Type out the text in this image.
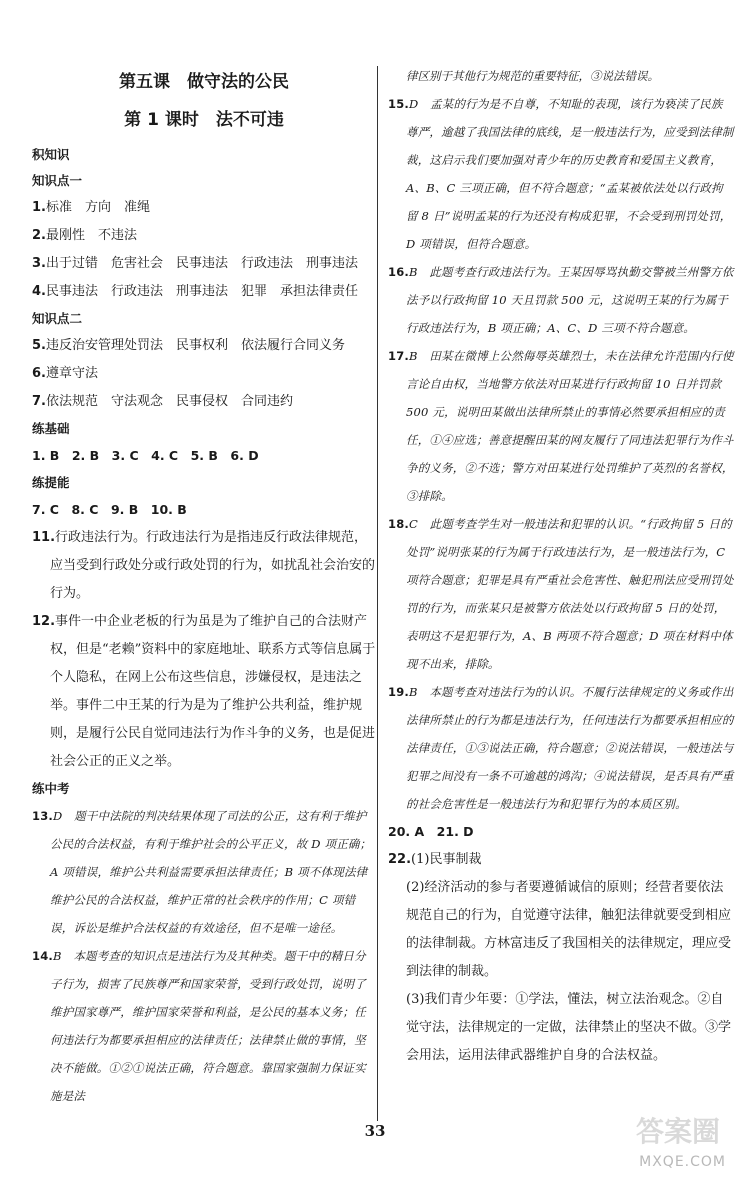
第五课　做守法的公民
第 1 课时　法不可违
积知识
知识点一
1.标准　方向　准绳
2.最刚性　不违法
3.出于过错　危害社会　民事违法　行政违法　刑事违法
4.民事违法　行政违法　刑事违法　犯罪　承担法律责任
知识点二
5.违反治安管理处罚法　民事权利　依法履行合同义务
6.遵章守法
7.依法规范　守法观念　民事侵权　合同违约
练基础
1. B　2. B　3. C　4. C　5. B　6. D
练提能
7. C　8. C　9. B　10. B
11.行政违法行为。行政违法行为是指违反行政法律规范，应当受到行政处分或行政处罚的行为，如扰乱社会治安的行为。
12.事件一中企业老板的行为虽是为了维护自己的合法财产权，但是“老赖”资料中的家庭地址、联系方式等信息属于个人隐私，在网上公布这些信息，涉嫌侵权，是违法之举。事件二中王某的行为是为了维护公共利益，维护规则，是履行公民自觉同违法行为作斗争的义务，也是促进社会公正的正义之举。
练中考
13.D　题干中法院的判决结果体现了司法的公正，这有利于维护公民的合法权益，有利于维护社会的公平正义，故 D 项正确；A 项错误，维护公共利益需要承担法律责任；B 项不体现法律维护公民的合法权益，维护正常的社会秩序的作用；C 项错误，诉讼是维护合法权益的有效途径，但不是唯一途径。
14.B　本题考查的知识点是违法行为及其种类。题干中的精日分子行为，损害了民族尊严和国家荣誉，受到行政处罚，说明了维护国家尊严，维护国家荣誉和利益，是公民的基本义务；任何违法行为都要承担相应的法律责任；法律禁止做的事情，坚决不能做。①②①说法正确，符合题意。靠国家强制力保证实施是法
律区别于其他行为规范的重要特征，③说法错误。
15.D　孟某的行为是不自尊，不知耻的表现，该行为亵渎了民族尊严，逾越了我国法律的底线，是一般违法行为，应受到法律制裁，这启示我们要加强对青少年的历史教育和爱国主义教育，A、B、C 三项正确，但不符合题意；“孟某被依法处以行政拘留 8 日”说明孟某的行为还没有构成犯罪，不会受到刑罚处罚，D 项错误，但符合题意。
16.B　此题考查行政违法行为。王某因辱骂执勤交警被兰州警方依法予以行政拘留 10 天且罚款 500 元，这说明王某的行为属于行政违法行为，B 项正确；A、C、D 三项不符合题意。
17.B　田某在微博上公然侮辱英雄烈士，未在法律允许范围内行使言论自由权，当地警方依法对田某进行行政拘留 10 日并罚款 500 元，说明田某做出法律所禁止的事情必然要承担相应的责任，①④应选；善意提醒田某的网友履行了同违法犯罪行为作斗争的义务，②不选；警方对田某进行处罚维护了英烈的名誉权，③排除。
18.C　此题考查学生对一般违法和犯罪的认识。“行政拘留 5 日的处罚”说明张某的行为属于行政违法行为，是一般违法行为，C 项符合题意；犯罪是具有严重社会危害性、触犯刑法应受刑罚处罚的行为，而张某只是被警方依法处以行政拘留 5 日的处罚，表明这不是犯罪行为，A、B 两项不符合题意；D 项在材料中体现不出来，排除。
19.B　本题考查对违法行为的认识。不履行法律规定的义务或作出法律所禁止的行为都是违法行为，任何违法行为都要承担相应的法律责任，①③说法正确，符合题意；②说法错误，一般违法与犯罪之间没有一条不可逾越的鸿沟；④说法错误，是否具有严重的社会危害性是一般违法行为和犯罪行为的本质区别。
20. A　21. D
22.(1)民事制裁
(2)经济活动的参与者要遵循诚信的原则；经营者要依法规范自己的行为，自觉遵守法律，触犯法律就要受到相应的法律制裁。方林富违反了我国相关的法律规定，理应受到法律的制裁。
(3)我们青少年要：①学法，懂法，树立法治观念。②自觉守法，法律规定的一定做，法律禁止的坚决不做。③学会用法，运用法律武器维护自身的合法权益。
33	答案圈
MXQE.COM
